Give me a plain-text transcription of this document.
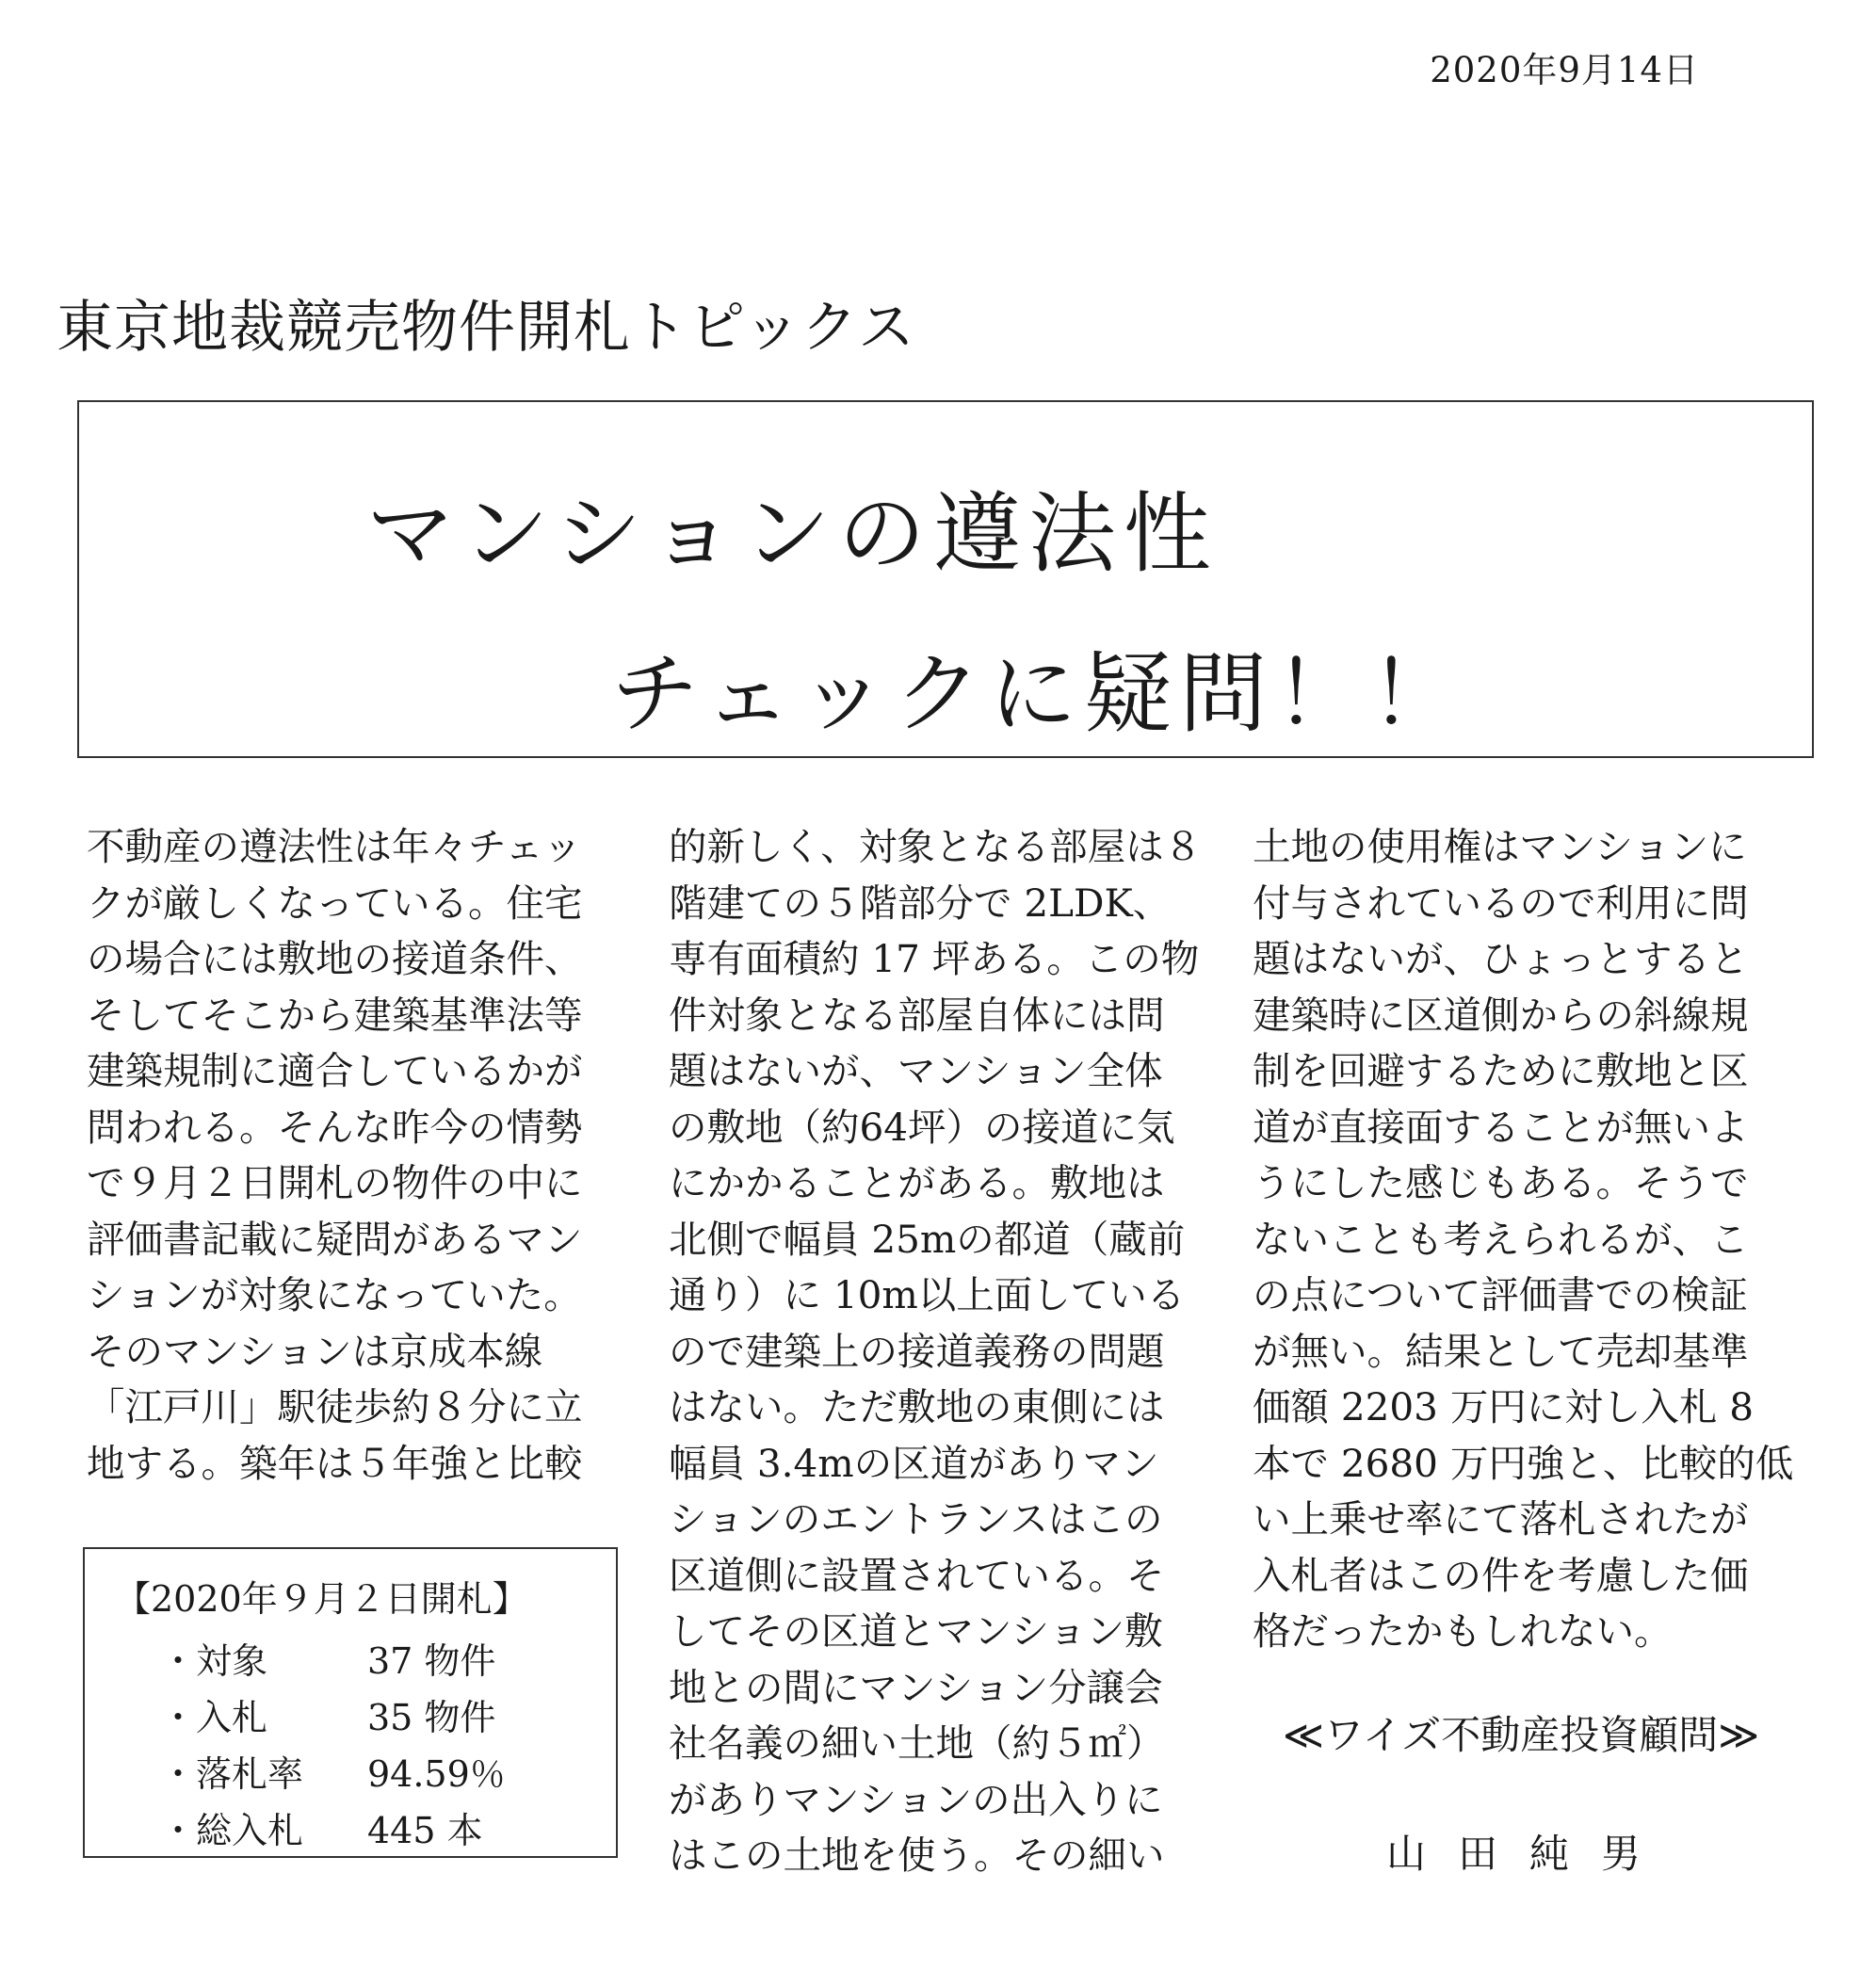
2020年9月14日
東京地裁競売物件開札トピックス
マンションの遵法性
チェックに疑問！！
不動産の遵法性は年々チェッ
クが厳しくなっている。住宅
の場合には敷地の接道条件、
そしてそこから建築基準法等
建築規制に適合しているかが
問われる。そんな昨今の情勢
で９月２日開札の物件の中に
評価書記載に疑問があるマン
ションが対象になっていた。
そのマンションは京成本線
「江戸川」駅徒歩約８分に立
地する。築年は５年強と比較
的新しく、対象となる部屋は８
階建ての５階部分で 2LDK、
専有面積約 17 坪ある。この物
件対象となる部屋自体には問
題はないが、マンション全体
の敷地（約64坪）の接道に気
にかかることがある。敷地は
北側で幅員 25mの都道（蔵前
通り）に 10m以上面している
ので建築上の接道義務の問題
はない。ただ敷地の東側には
幅員 3.4mの区道がありマン
ションのエントランスはこの
区道側に設置されている。そ
してその区道とマンション敷
地との間にマンション分譲会
社名義の細い土地（約５㎡）
がありマンションの出入りに
はこの土地を使う。その細い
土地の使用権はマンションに
付与されているので利用に問
題はないが、ひょっとすると
建築時に区道側からの斜線規
制を回避するために敷地と区
道が直接面することが無いよ
うにした感じもある。そうで
ないことも考えられるが、こ
の点について評価書での検証
が無い。結果として売却基準
価額 2203 万円に対し入札 8
本で 2680 万円強と、比較的低
い上乗せ率にて落札されたが
入札者はこの件を考慮した価
格だったかもしれない。
【2020年９月２日開札】
・対象	37 物件
・入札	35 物件
・落札率 94.59％
・総入札 445 本
≪ワイズ不動産投資顧問≫
山田純男
